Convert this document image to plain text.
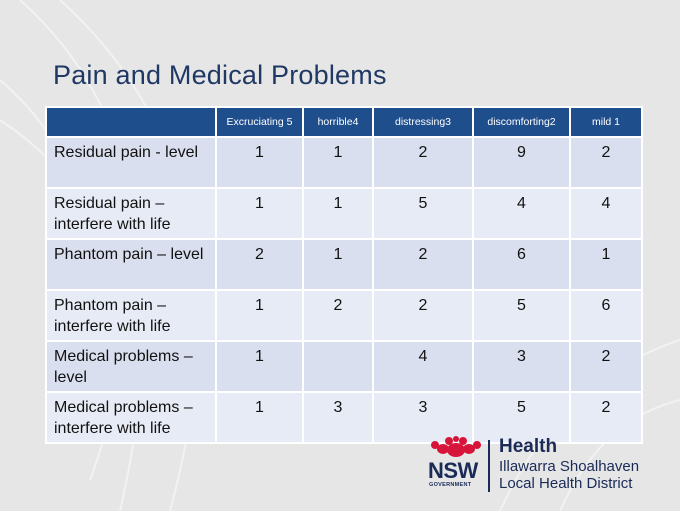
Pain and Medical Problems
	Excruciating 5	horrible4	distressing3	discomforting2	mild 1
Residual pain - level	1	1	2	9	2
Residual pain – interfere with life	1	1	5	4	4
Phantom pain – level	2	1	2	6	1
Phantom pain – interfere with life	1	2	2	5	6
Medical problems – level	1		4	3	2
Medical problems – interfere with life	1	3	3	5	2
NSW
GOVERNMENT
Health
Illawarra Shoalhaven
Local Health District
